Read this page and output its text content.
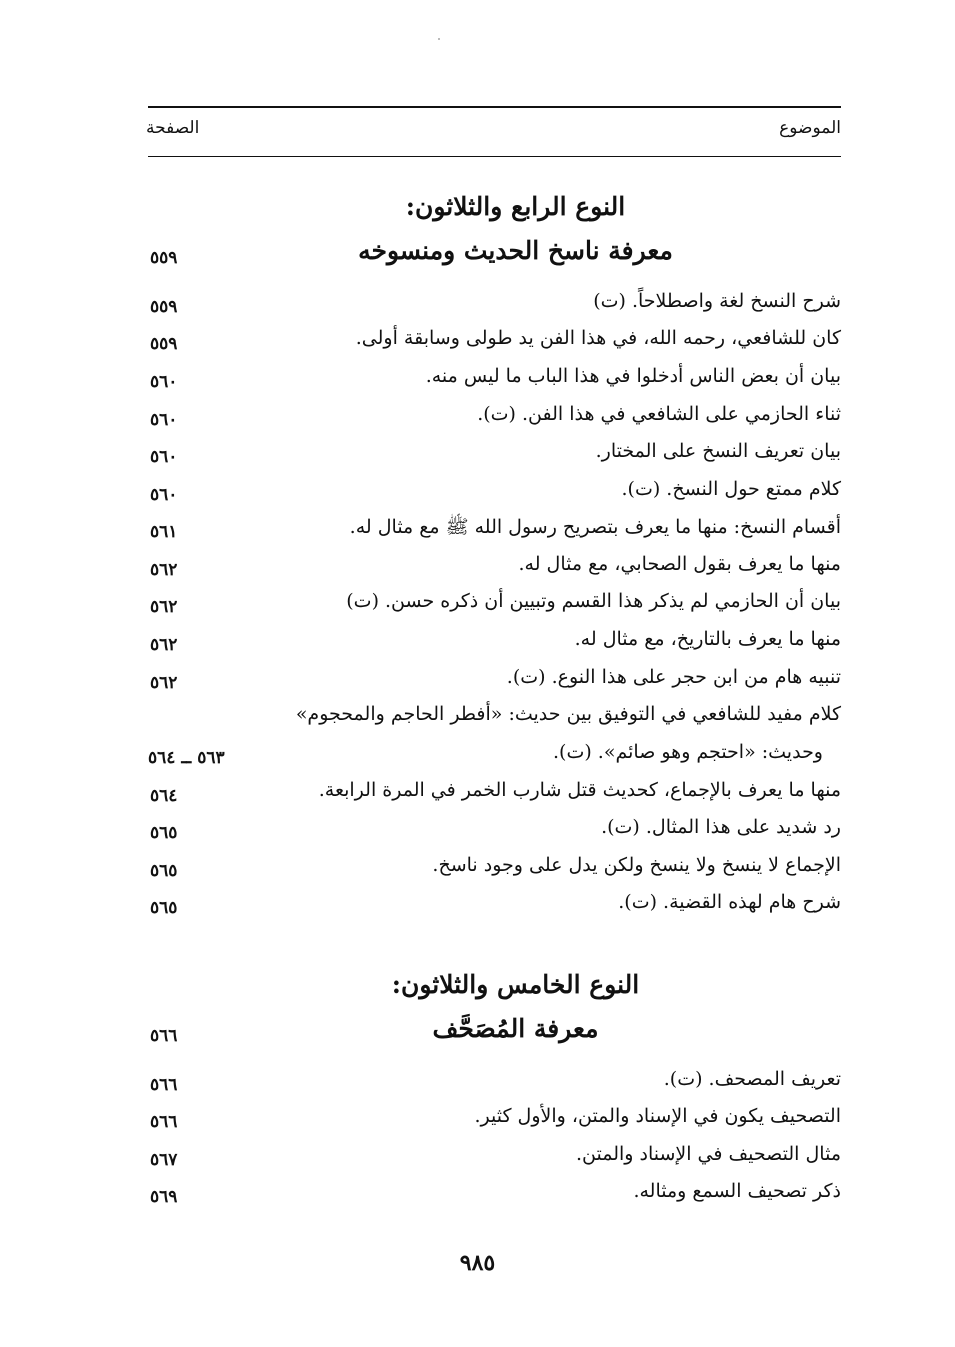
الموضوع
الصفحة
النوع الرابع والثلاثون:
معرفة ناسخ الحديث ومنسوخه
٥٥٩
شرح النسخ لغة واصطلاحاً. (ت)
٥٥٩
كان للشافعي، رحمه الله، في هذا الفن يد طولى وسابقة أولى.
٥٥٩
بيان أن بعض الناس أدخلوا في هذا الباب ما ليس منه.
٥٦٠
ثناء الحازمي على الشافعي في هذا الفن. (ت).
٥٦٠
بيان تعريف النسخ على المختار.
٥٦٠
كلام ممتع حول النسخ. (ت).
٥٦٠
أقسام النسخ: منها ما يعرف بتصريح رسول الله ﷺ مع مثال له.
٥٦١
منها ما يعرف بقول الصحابي، مع مثال له.
٥٦٢
بيان أن الحازمي لم يذكر هذا القسم وتبيين أن ذكره حسن. (ت)
٥٦٢
منها ما يعرف بالتاريخ، مع مثال له.
٥٦٢
تنبيه هام من ابن حجر على هذا النوع. (ت).
٥٦٢
كلام مفيد للشافعي في التوفيق بين حديث: «أفطر الحاجم والمحجوم»
وحديث: «احتجم وهو صائم». (ت).
٥٦٣ ــ ٥٦٤
منها ما يعرف بالإجماع، كحديث قتل شارب الخمر في المرة الرابعة.
٥٦٤
رد شديد على هذا المثال. (ت).
٥٦٥
الإجماع لا ينسخ ولا ينسخ ولكن يدل على وجود ناسخ.
٥٦٥
شرح هام لهذه القضية. (ت).
٥٦٥
النوع الخامس والثلاثون:
معرفة المُصَحَّف
٥٦٦
تعريف المصحف. (ت).
٥٦٦
التصحيف يكون في الإسناد والمتن، والأول كثير.
٥٦٦
مثال التصحيف في الإسناد والمتن.
٥٦٧
ذكر تصحيف السمع ومثاله.
٥٦٩
٩٨٥
